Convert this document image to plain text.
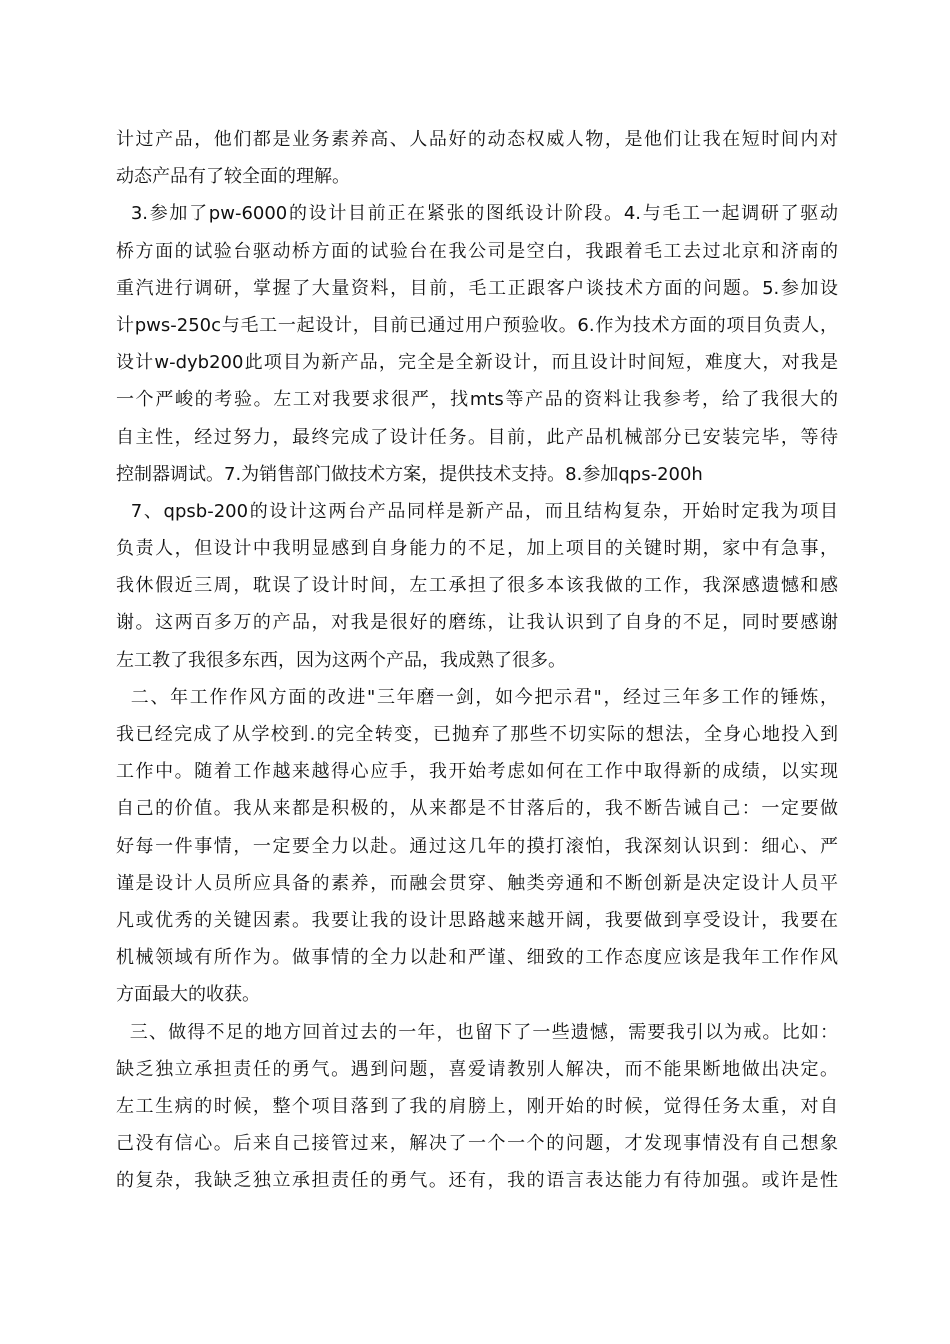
计过产品，他们都是业务素养高、人品好的动态权威人物，是他们让我在短时间内对
动态产品有了较全面的理解。
3.参加了pw-6000的设计目前正在紧张的图纸设计阶段。4.与毛工一起调研了驱动
桥方面的试验台驱动桥方面的试验台在我公司是空白，我跟着毛工去过北京和济南的
重汽进行调研，掌握了大量资料，目前，毛工正跟客户谈技术方面的问题。5.参加设
计pws-250c与毛工一起设计，目前已通过用户预验收。6.作为技术方面的项目负责人，
设计w-dyb200此项目为新产品，完全是全新设计，而且设计时间短，难度大，对我是
一个严峻的考验。左工对我要求很严，找mts等产品的资料让我参考，给了我很大的
自主性，经过努力，最终完成了设计任务。目前，此产品机械部分已安装完毕，等待
控制器调试。7.为销售部门做技术方案，提供技术支持。8.参加qps-200h
7、qpsb-200的设计这两台产品同样是新产品，而且结构复杂，开始时定我为项目
负责人，但设计中我明显感到自身能力的不足，加上项目的关键时期，家中有急事，
我休假近三周，耽误了设计时间，左工承担了很多本该我做的工作，我深感遗憾和感
谢。这两百多万的产品，对我是很好的磨练，让我认识到了自身的不足，同时要感谢
左工教了我很多东西，因为这两个产品，我成熟了很多。
二、年工作作风方面的改进"三年磨一剑，如今把示君"，经过三年多工作的锤炼，
我已经完成了从学校到.的完全转变，已抛弃了那些不切实际的想法，全身心地投入到
工作中。随着工作越来越得心应手，我开始考虑如何在工作中取得新的成绩，以实现
自己的价值。我从来都是积极的，从来都是不甘落后的，我不断告诫自己：一定要做
好每一件事情，一定要全力以赴。通过这几年的摸打滚怕，我深刻认识到：细心、严
谨是设计人员所应具备的素养，而融会贯穿、触类旁通和不断创新是决定设计人员平
凡或优秀的关键因素。我要让我的设计思路越来越开阔，我要做到享受设计，我要在
机械领域有所作为。做事情的全力以赴和严谨、细致的工作态度应该是我年工作作风
方面最大的收获。
三、做得不足的地方回首过去的一年，也留下了一些遗憾，需要我引以为戒。比如：
缺乏独立承担责任的勇气。遇到问题，喜爱请教别人解决，而不能果断地做出决定。
左工生病的时候，整个项目落到了我的肩膀上，刚开始的时候，觉得任务太重，对自
己没有信心。后来自己接管过来，解决了一个一个的问题，才发现事情没有自己想象
的复杂，我缺乏独立承担责任的勇气。还有，我的语言表达能力有待加强。或许是性
